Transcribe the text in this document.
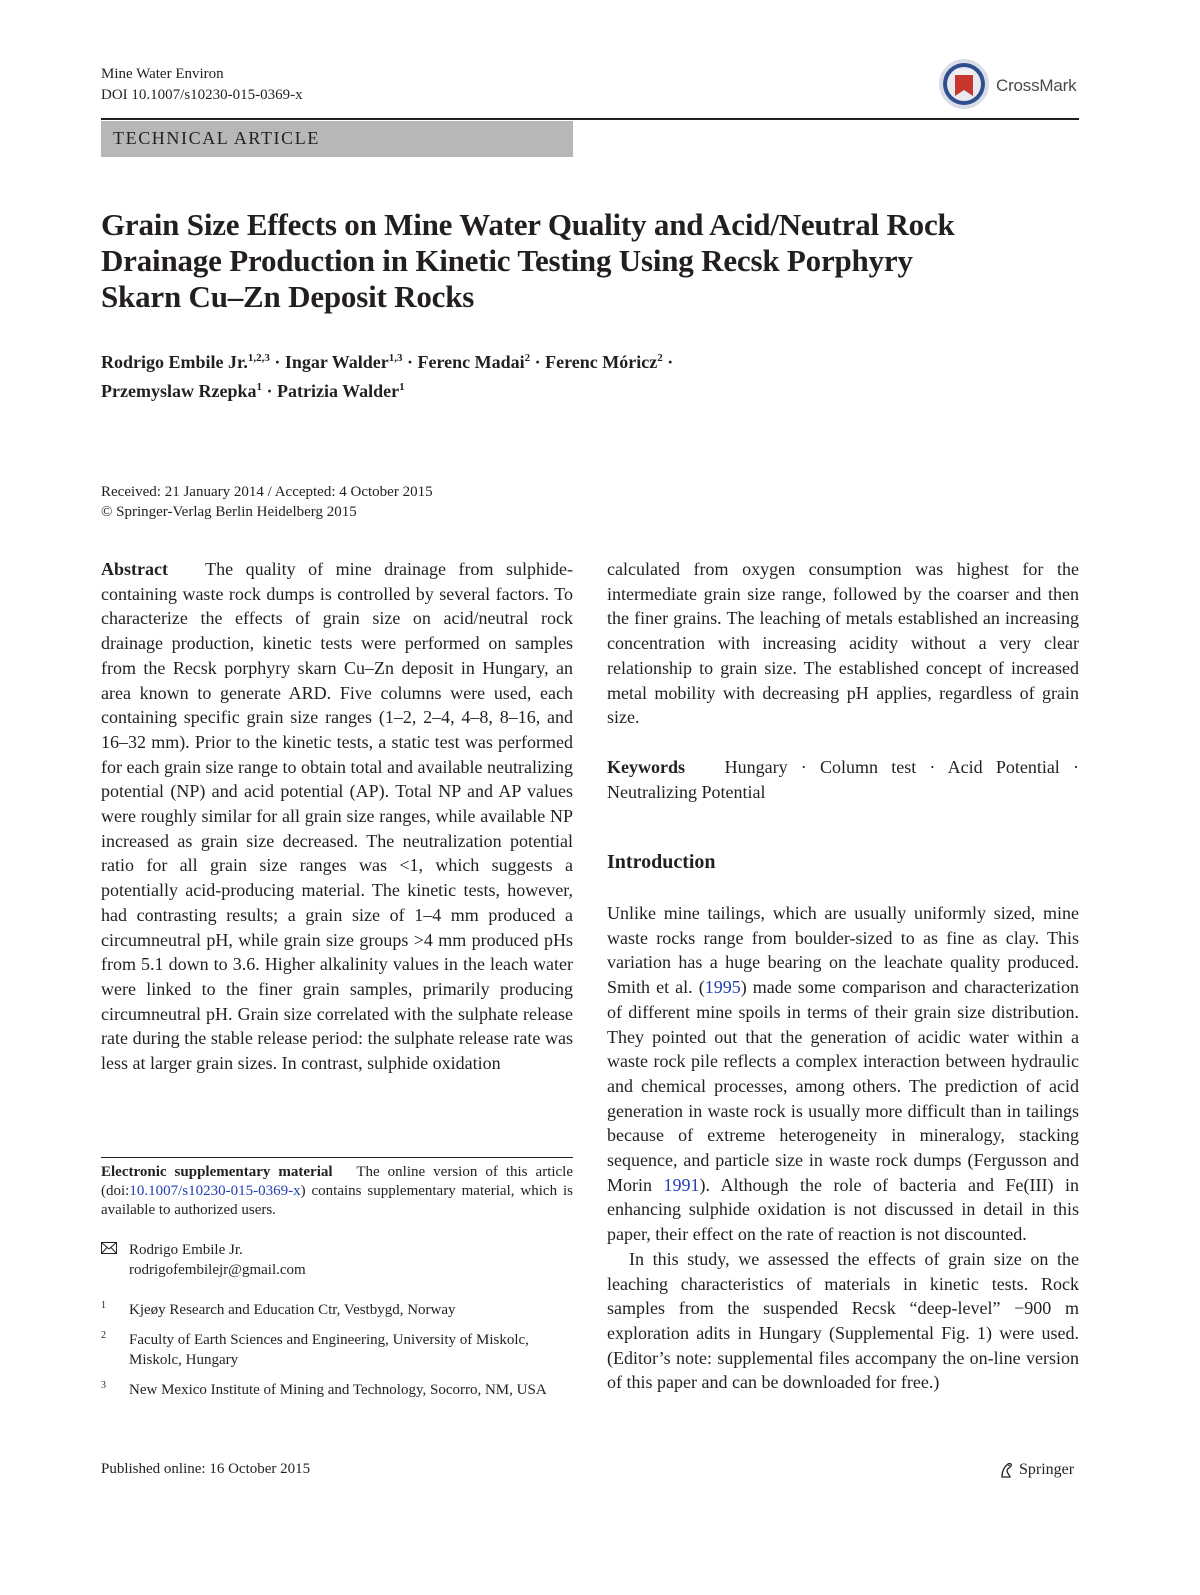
Mine Water Environ
DOI 10.1007/s10230-015-0369-x	CrossMark
TECHNICAL ARTICLE
Grain Size Effects on Mine Water Quality and Acid/Neutral Rock
Drainage Production in Kinetic Testing Using Recsk Porphyry
Skarn Cu–Zn Deposit Rocks
Rodrigo Embile Jr.$^{1,2,3}$ · Ingar Walder$^{1,3}$ · Ferenc Madai$^2$ · Ferenc Móricz$^2$ ·
Przemyslaw Rzepka$^1$ · Patrizia Walder$^1$
Received: 21 January 2014 / Accepted: 4 October 2015
© Springer-Verlag Berlin Heidelberg 2015

Abstract The quality of mine drainage from sulphide-containing waste rock dumps is controlled by several factors. To characterize the effects of grain size on acid/neutral rock drainage production, kinetic tests were performed on samples from the Recsk porphyry skarn Cu–Zn deposit in Hungary, an area known to generate ARD. Five columns were used, each containing specific grain size ranges (1–2, 2–4, 4–8, 8–16, and 16–32 mm). Prior to the kinetic tests, a static test was performed for each grain size range to obtain total and available neutralizing potential (NP) and acid potential (AP). Total NP and AP values were roughly similar for all grain size ranges, while available NP increased as grain size decreased. The neutralization potential ratio for all grain size ranges was <1, which suggests a potentially acid-producing material. The kinetic tests, however, had contrasting results; a grain size of 1–4 mm produced a circumneutral pH, while grain size groups >4 mm produced pHs from 5.1 down to 3.6. Higher alkalinity values in the leach water were linked to the finer grain samples, primarily producing circumneutral pH. Grain size correlated with the sulphate release rate during the stable release period: the sulphate release rate was less at larger grain sizes. In contrast, sulphide oxidation

calculated from oxygen consumption was highest for the intermediate grain size range, followed by the coarser and then the finer grains. The leaching of metals established an increasing concentration with increasing acidity without a very clear relationship to grain size. The established concept of increased metal mobility with decreasing pH applies, regardless of grain size.

Keywords Hungary · Column test · Acid Potential · Neutralizing Potential

Introduction

Unlike mine tailings, which are usually uniformly sized, mine waste rocks range from boulder-sized to as fine as clay. This variation has a huge bearing on the leachate quality produced. Smith et al. (1995) made some comparison and characterization of different mine spoils in terms of their grain size distribution. They pointed out that the generation of acidic water within a waste rock pile reflects a complex interaction between hydraulic and chemical processes, among others. The prediction of acid generation in waste rock is usually more difficult than in tailings because of extreme heterogeneity in mineralogy, stacking sequence, and particle size in waste rock dumps (Fergusson and Morin 1991). Although the role of bacteria and Fe(III) in enhancing sulphide oxidation is not discussed in detail in this paper, their effect on the rate of reaction is not discounted.

In this study, we assessed the effects of grain size on the leaching characteristics of materials in kinetic tests. Rock samples from the suspended Recsk “deep-level” −900 m exploration adits in Hungary (Supplemental Fig. 1) were used. (Editor’s note: supplemental files accompany the on-line version of this paper and can be downloaded for free.)

Electronic supplementary material The online version of this article (doi:10.1007/s10230-015-0369-x) contains supplementary material, which is available to authorized users.

Rodrigo Embile Jr.
rodrigofembilejr@gmail.com
1 Kjeøy Research and Education Ctr, Vestbygd, Norway
2 Faculty of Earth Sciences and Engineering, University of Miskolc, Miskolc, Hungary
3 New Mexico Institute of Mining and Technology, Socorro, NM, USA
Published online: 16 October 2015	Springer
